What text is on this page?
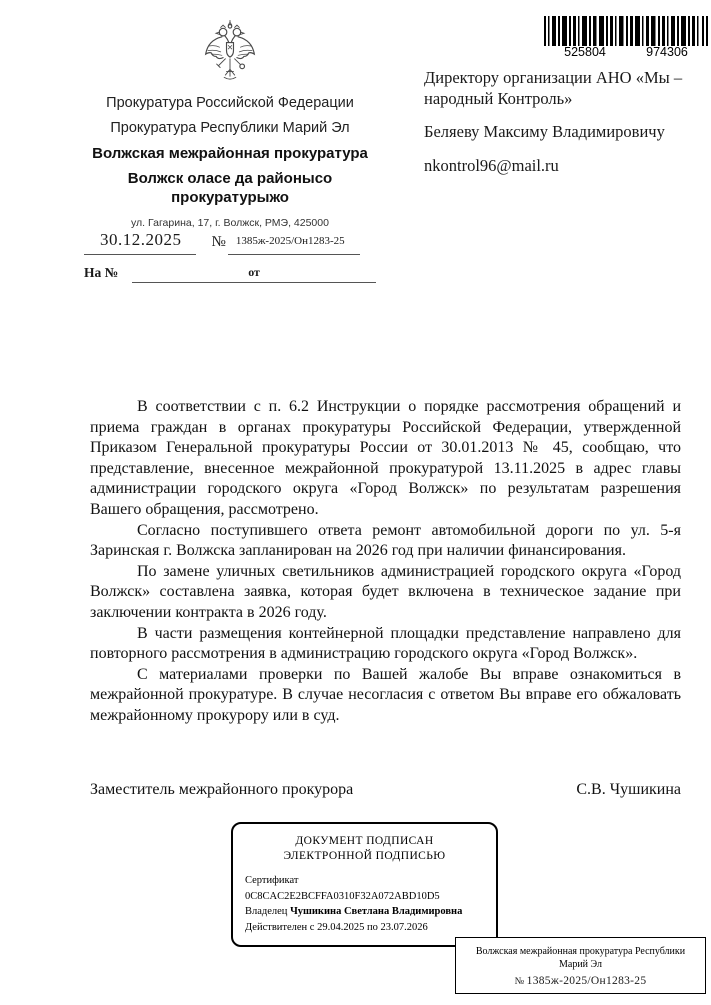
Прокуратура Российской Федерации
Прокуратура Республики Марий Эл
Волжская межрайонная прокуратура
Волжск оласе да районысо прокуратурыжо
ул. Гагарина, 17, г. Волжск, РМЭ, 425000
30.12.2025	№ 1385ж-2025/Он1283-25
На №	от
525804	974306
Директору организации АНО «Мы – народный Контроль»
Беляеву Максиму Владимировичу
nkontrol96@mail.ru

В соответствии с п. 6.2 Инструкции о порядке рассмотрения обращений и приема граждан в органах прокуратуры Российской Федерации, утвержденной Приказом Генеральной прокуратуры России от 30.01.2013 № 45, сообщаю, что представление, внесенное межрайонной прокуратурой 13.11.2025 в адрес главы администрации городского округа «Город Волжск» по результатам разрешения Вашего обращения, рассмотрено.

Согласно поступившего ответа ремонт автомобильной дороги по ул. 5-я Заринская г. Волжска запланирован на 2026 год при наличии финансирования.

По замене уличных светильников администрацией городского округа «Город Волжск» составлена заявка, которая будет включена в техническое задание при заключении контракта в 2026 году.

В части размещения контейнерной площадки представление направлено для повторного рассмотрения в администрацию городского округа «Город Волжск».

С материалами проверки по Вашей жалобе Вы вправе ознакомиться в межрайонной прокуратуре. В случае несогласия с ответом Вы вправе его обжаловать межрайонному прокурору или в суд.

Заместитель межрайонного прокурора	С.В. Чушикина
ДОКУМЕНТ ПОДПИСАН
ЭЛЕКТРОННОЙ ПОДПИСЬЮ
Сертификат 0C8CAC2E2BCFFA0310F32A072ABD10D5
Владелец Чушикина Светлана Владимировна
Действителен с 29.04.2025 по 23.07.2026
Волжская межрайонная прокуратура Республики Марий Эл
№ 1385ж-2025/Он1283-25
